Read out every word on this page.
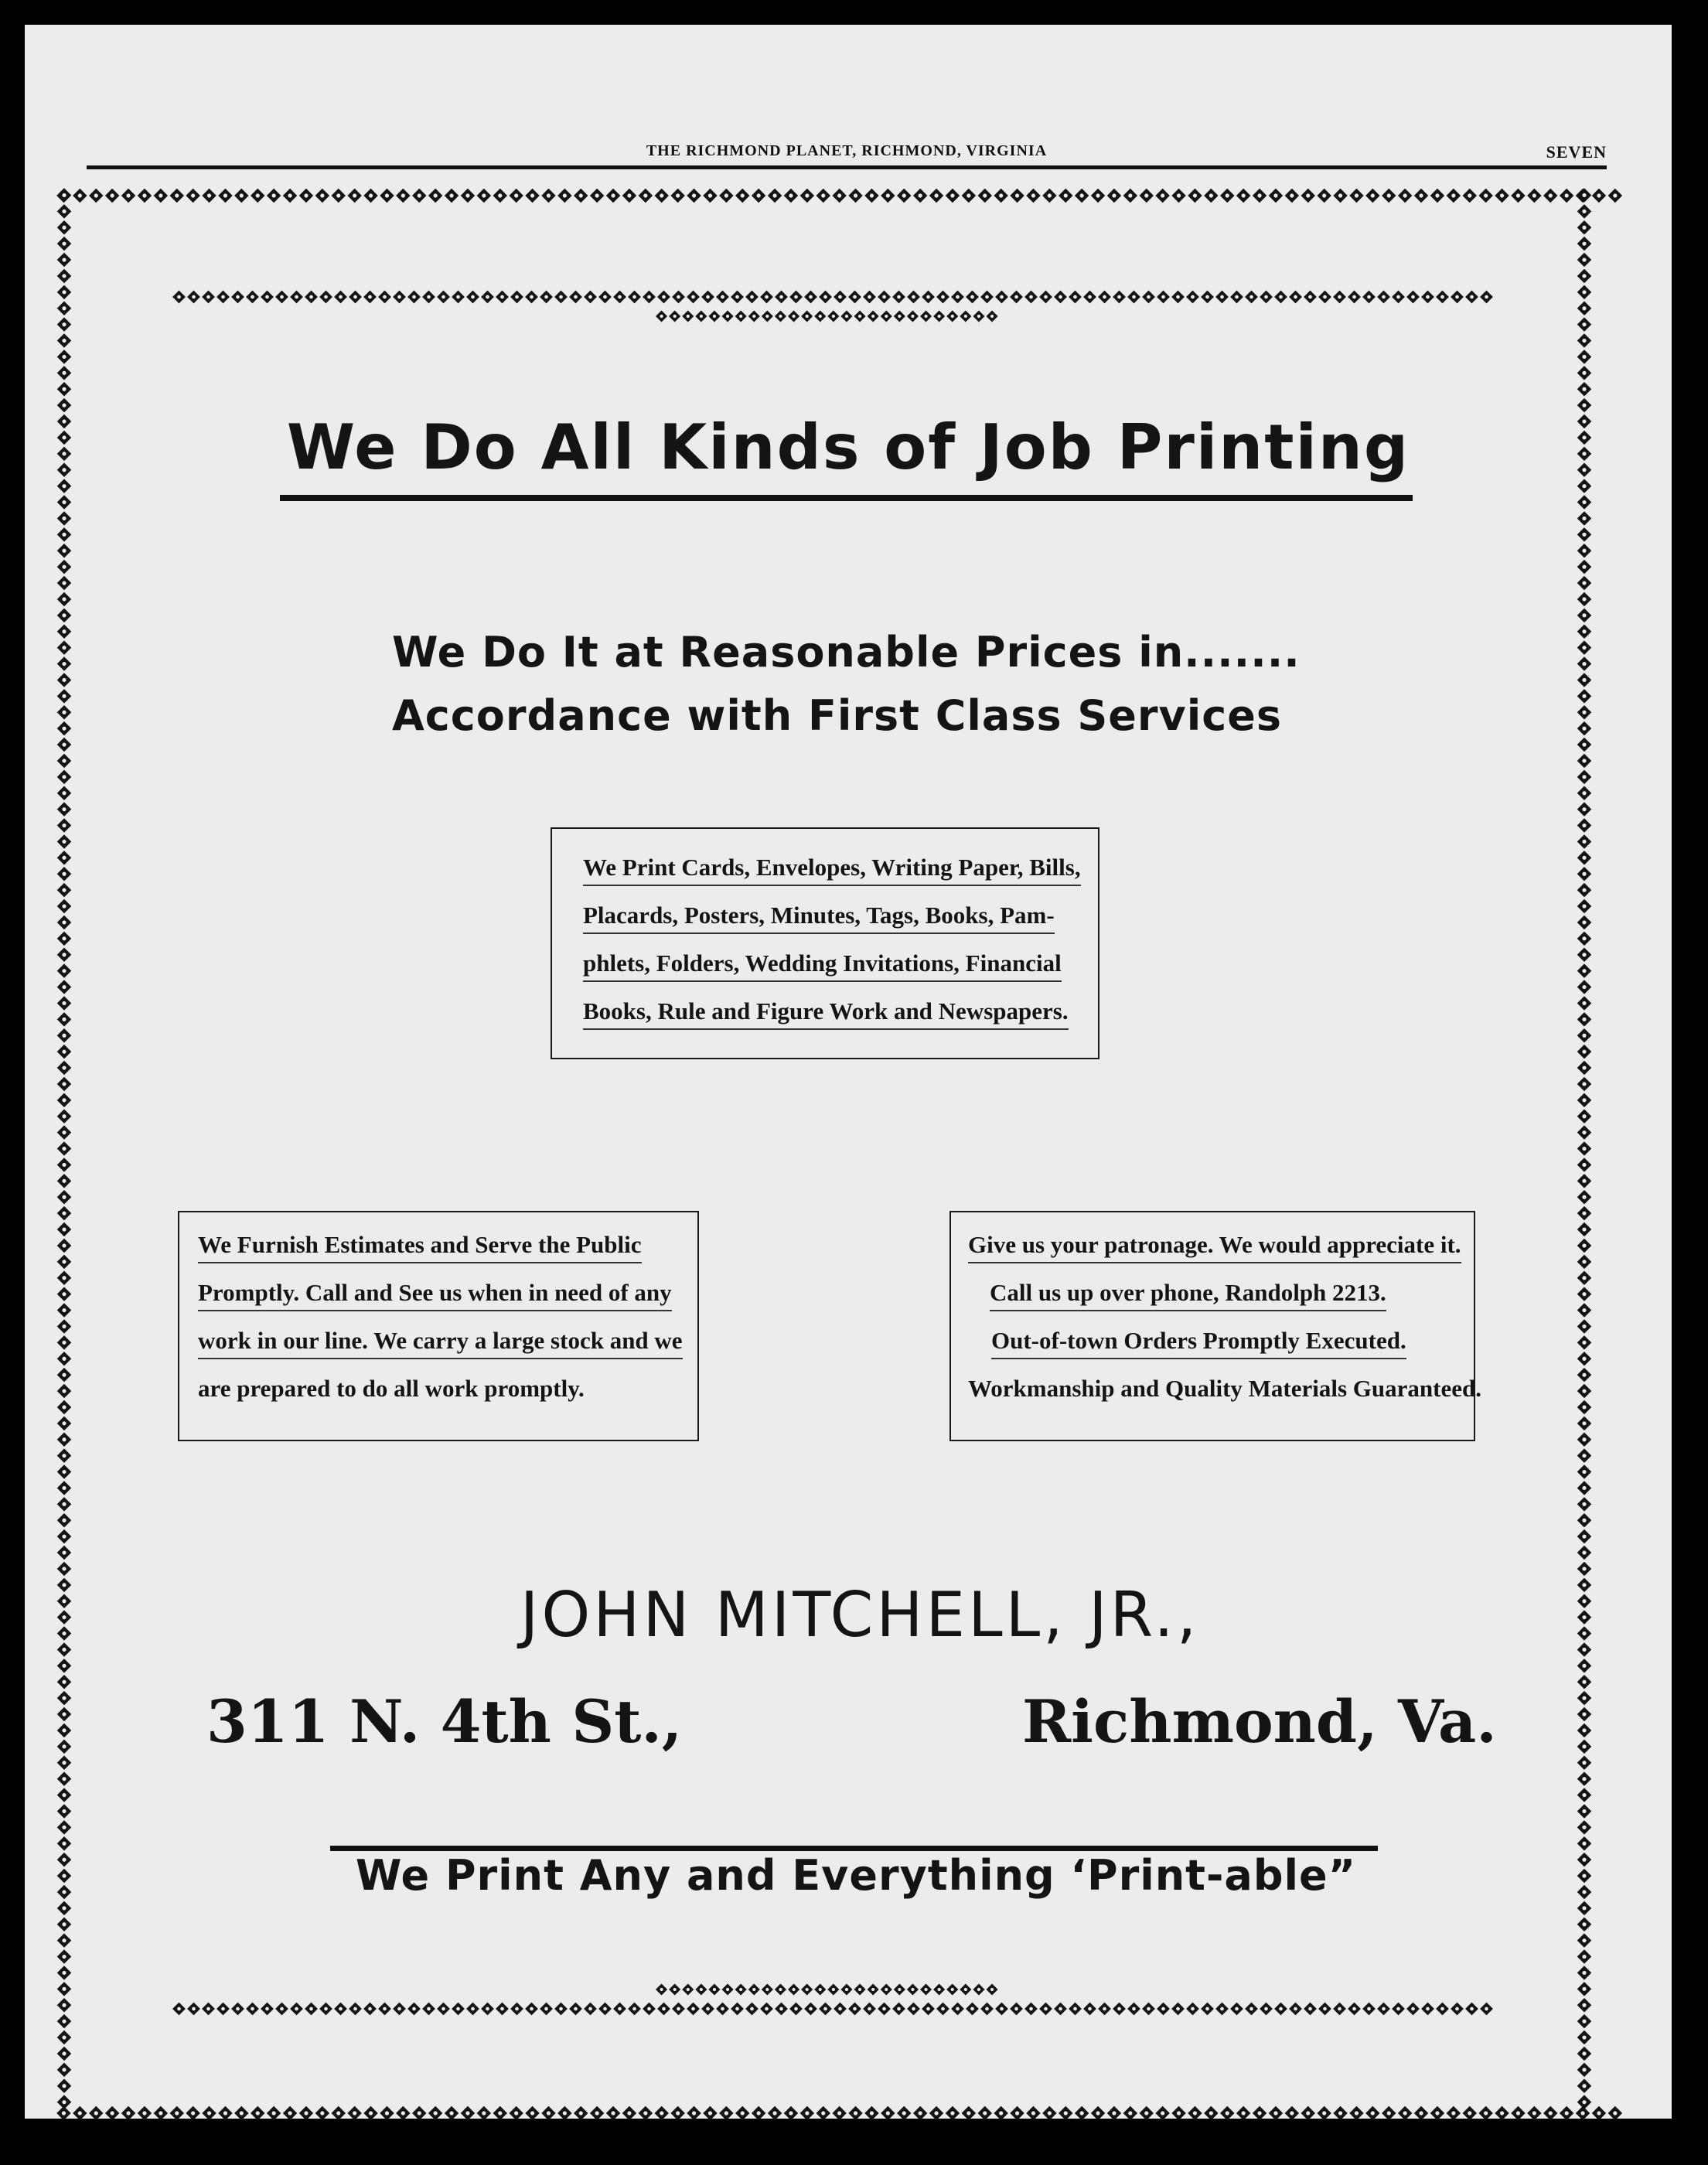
THE RICHMOND PLANET, RICHMOND, VIRGINIA	SEVEN
We Do All Kinds of Job Printing
We Do It at Reasonable Prices in.......
Accordance with First Class Services
We Print Cards, Envelopes, Writing Paper, Bills,
Placards, Posters, Minutes, Tags, Books, Pam-
phlets, Folders, Wedding Invitations, Financial
Books, Rule and Figure Work and Newspapers.
We Furnish Estimates and Serve the Public
Promptly. Call and See us when in need of any
work in our line. We carry a large stock and we
are prepared to do all work promptly.
Give us your patronage. We would appreciate it.
Call us up over phone, Randolph 2213.
Out-of-town Orders Promptly Executed.
Workmanship and Quality Materials Guaranteed.
JOHN MITCHELL, JR.,
311 N. 4th St.,	Richmond, Va.
We Print Any and Everything ‘Print-able”
